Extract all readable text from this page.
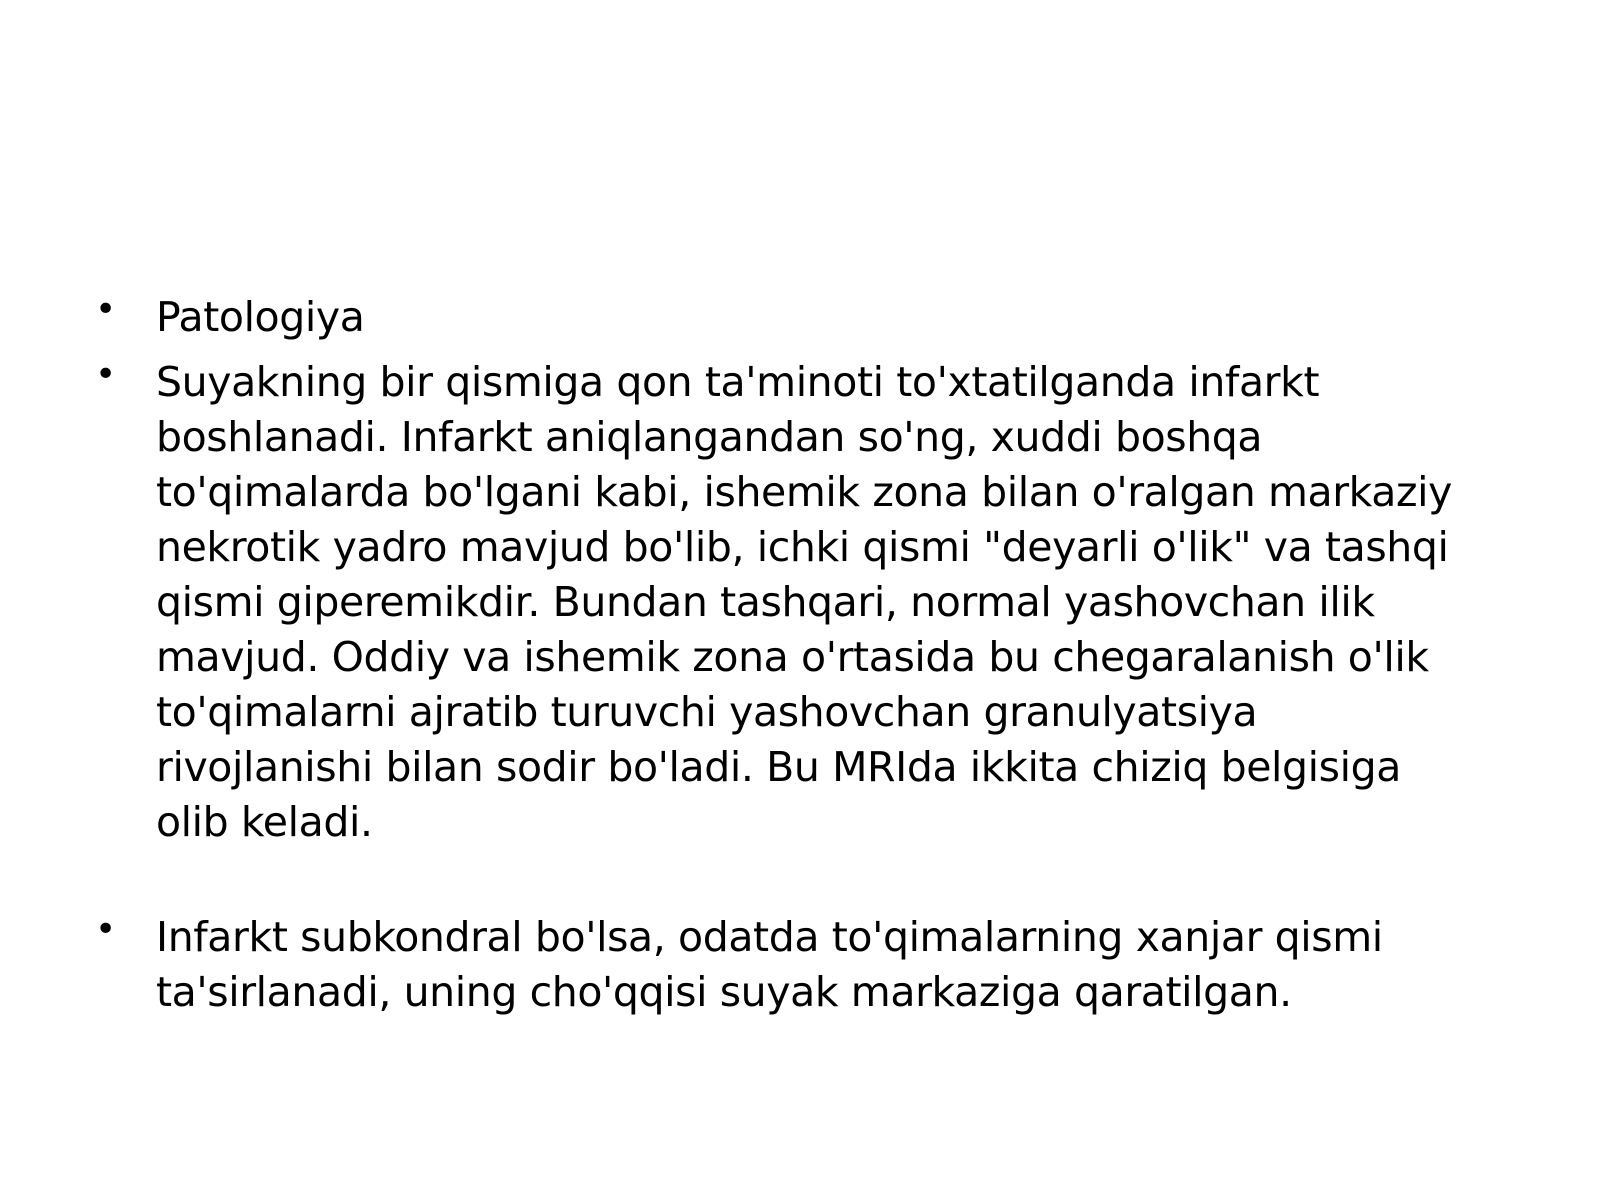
• Patologiya
• Suyakning bir qismiga qon ta'minoti to'xtatilganda infarkt
boshlanadi. Infarkt aniqlangandan so'ng, xuddi boshqa
to'qimalarda bo'lgani kabi, ishemik zona bilan o'ralgan markaziy
nekrotik yadro mavjud bo'lib, ichki qismi "deyarli o'lik" va tashqi
qismi giperemikdir. Bundan tashqari, normal yashovchan ilik
mavjud. Oddiy va ishemik zona o'rtasida bu chegaralanish o'lik
to'qimalarni ajratib turuvchi yashovchan granulyatsiya
rivojlanishi bilan sodir bo'ladi. Bu MRIda ikkita chiziq belgisiga
olib keladi.
• Infarkt subkondral bo'lsa, odatda to'qimalarning xanjar qismi
ta'sirlanadi, uning cho'qqisi suyak markaziga qaratilgan.
